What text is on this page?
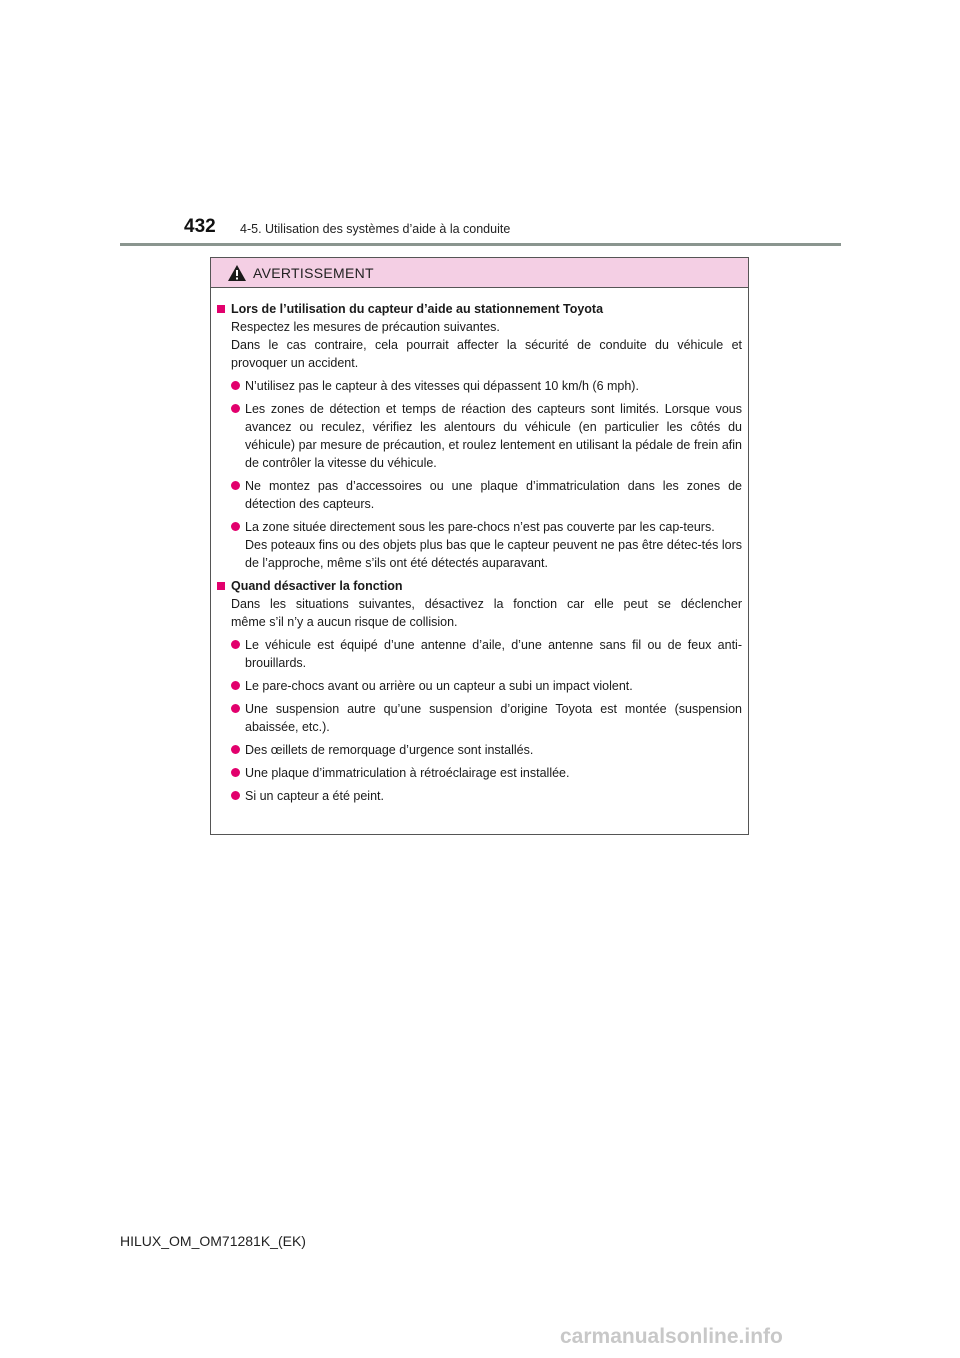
432 4-5. Utilisation des systèmes d’aide à la conduite
AVERTISSEMENT
Lors de l’utilisation du capteur d’aide au stationnement Toyota
Respectez les mesures de précaution suivantes.
Dans le cas contraire, cela pourrait affecter la sécurité de conduite du véhicule et
provoquer un accident.
N’utilisez pas le capteur à des vitesses qui dépassent 10 km/h (6 mph).
Les zones de détection et temps de réaction des capteurs sont limités. Lorsque vous avancez ou reculez, vérifiez les alentours du véhicule (en particulier les côtés du véhicule) par mesure de précaution, et roulez lentement en utilisant la pédale de frein afin de contrôler la vitesse du véhicule.
Ne montez pas d’accessoires ou une plaque d’immatriculation dans les zones de détection des capteurs.
La zone située directement sous les pare-chocs n’est pas couverte par les cap-teurs.
Des poteaux fins ou des objets plus bas que le capteur peuvent ne pas être détec-tés lors de l’approche, même s’ils ont été détectés auparavant.
Quand désactiver la fonction
Dans les situations suivantes, désactivez la fonction car elle peut se déclencher
même s’il n’y a aucun risque de collision.
Le véhicule est équipé d’une antenne d’aile, d’une antenne sans fil ou de feux anti-brouillards.
Le pare-chocs avant ou arrière ou un capteur a subi un impact violent.
Une suspension autre qu’une suspension d’origine Toyota est montée (suspension abaissée, etc.).
Des œillets de remorquage d’urgence sont installés.
Une plaque d’immatriculation à rétroéclairage est installée.
Si un capteur a été peint.
HILUX_OM_OM71281K_(EK)
carmanualsonline.info
